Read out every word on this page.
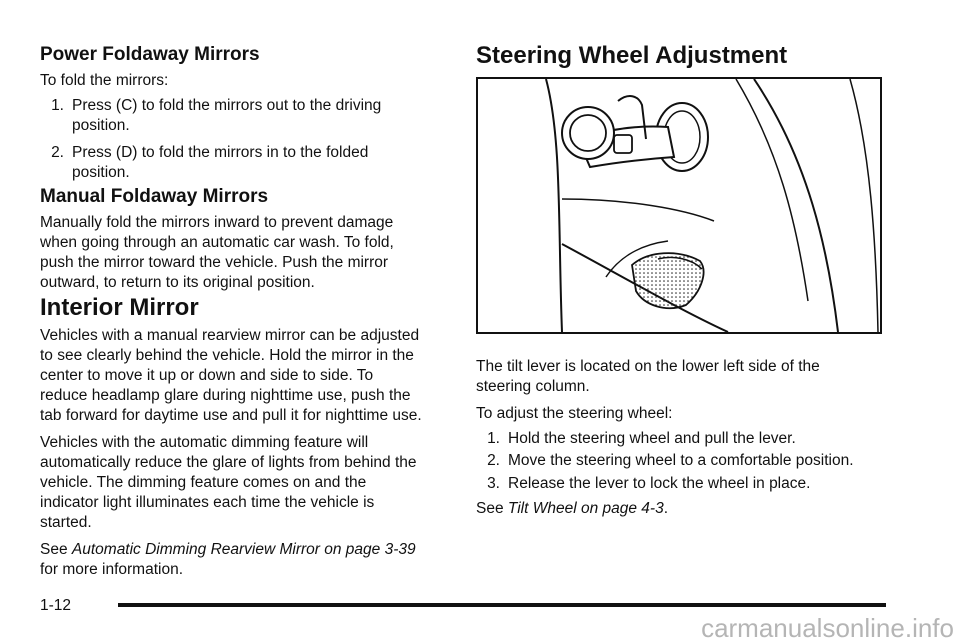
Power Foldaway Mirrors

To fold the mirrors:

1. Press (C) to fold the mirrors out to the driving
position.
2. Press (D) to fold the mirrors in to the folded
position.
Manual Foldaway Mirrors

Manually fold the mirrors inward to prevent damage

when going through an automatic car wash. To fold,

push the mirror toward the vehicle. Push the mirror

outward, to return to its original position.

Interior Mirror

Vehicles with a manual rearview mirror can be adjusted

to see clearly behind the vehicle. Hold the mirror in the

center to move it up or down and side to side. To

reduce headlamp glare during nighttime use, push the

tab forward for daytime use and pull it for nighttime use.

Vehicles with the automatic dimming feature will

automatically reduce the glare of lights from behind the

vehicle. The dimming feature comes on and the

indicator light illuminates each time the vehicle is

started.

See Automatic Dimming Rearview Mirror on page 3-39

for more information.

Steering Wheel Adjustment

The tilt lever is located on the lower left side of the

steering column.

To adjust the steering wheel:

1. Hold the steering wheel and pull the lever.
2. Move the steering wheel to a comfortable position.
3. Release the lever to lock the wheel in place.

See Tilt Wheel on page 4-3.

1-12
carmanualsonline.info
